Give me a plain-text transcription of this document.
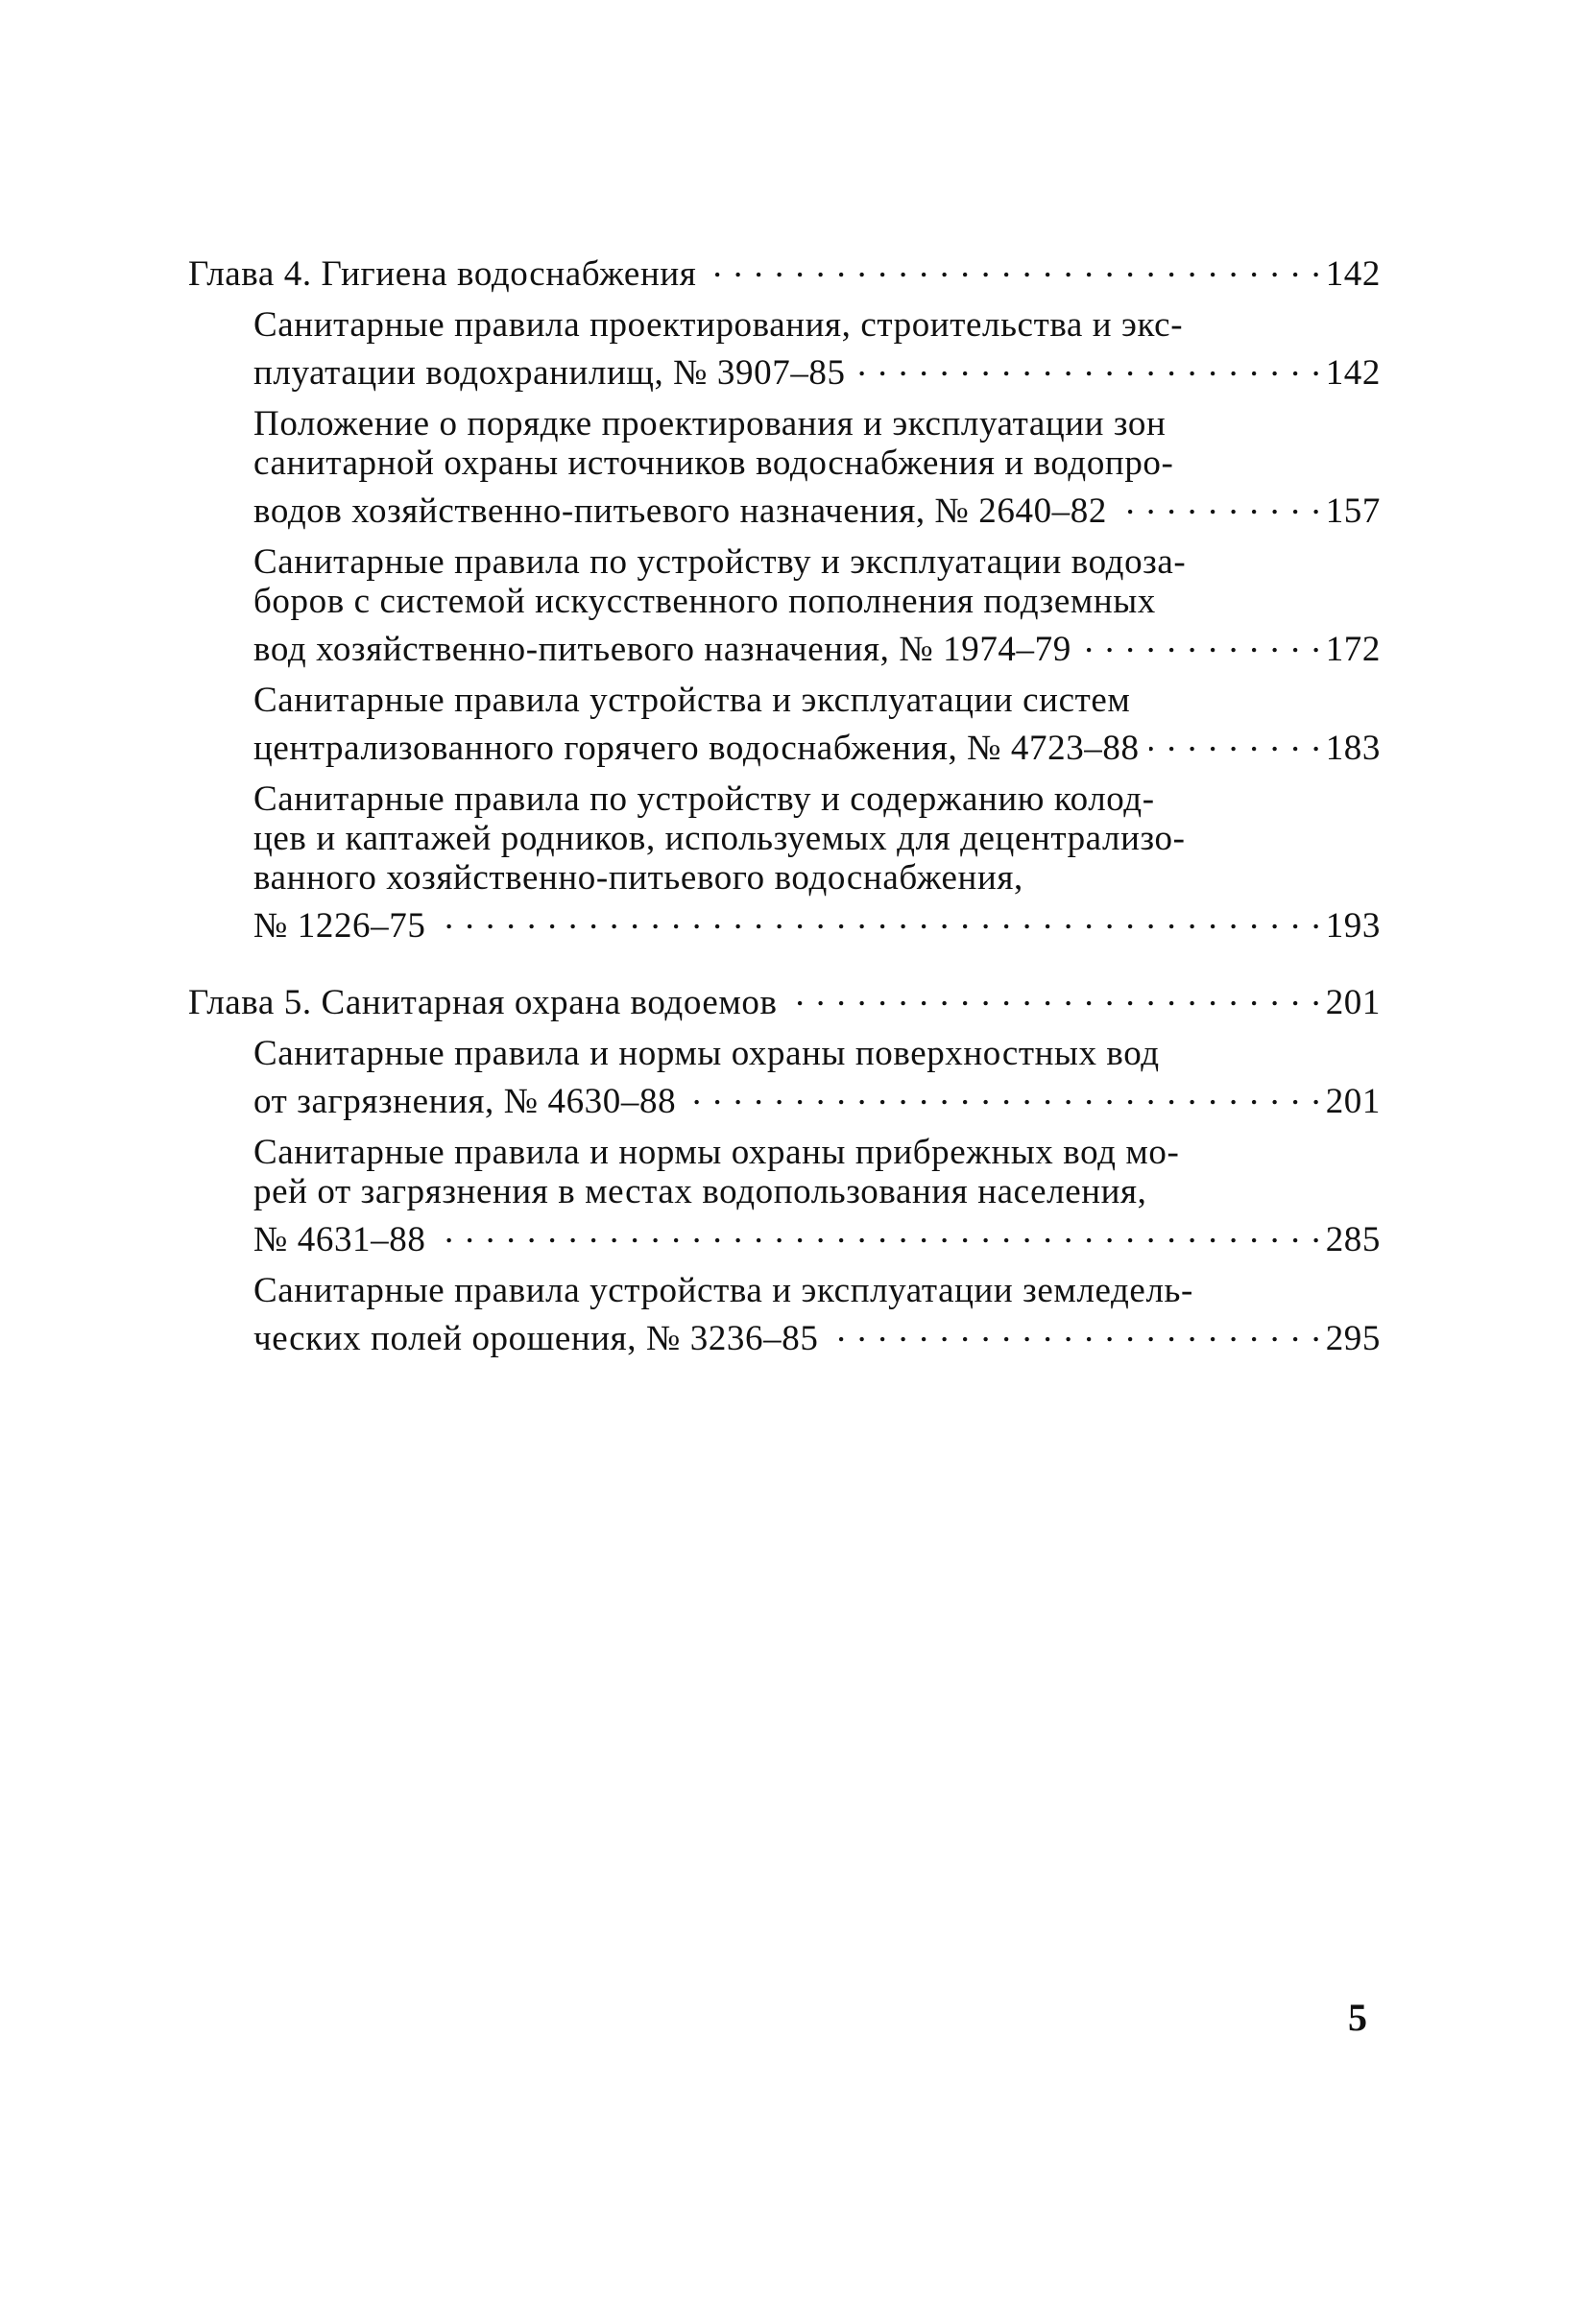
Глава 4. Гигиена водоснабжения . . .	142
Санитарные правила проектирования, строительства и экс-
плуатации водохранилищ, № 3907–85 . . .	142
Положение о порядке проектирования и эксплуатации зон
санитарной охраны источников водоснабжения и водопро-
водов хозяйственно-питьевого назначения, № 2640–82 . . .	157
Санитарные правила по устройству и эксплуатации водоза-
боров с системой искусственного пополнения подземных
вод хозяйственно-питьевого назначения, № 1974–79 . . .	172
Санитарные правила устройства и эксплуатации систем
централизованного горячего водоснабжения, № 4723–88 . . .	183
Санитарные правила по устройству и содержанию колод-
цев и каптажей родников, используемых для децентрализо-
ванного хозяйственно-питьевого водоснабжения,
№ 1226–75 . . .	193
Глава 5. Санитарная охрана водоемов . . .	201
Санитарные правила и нормы охраны поверхностных вод
от загрязнения, № 4630–88 . . .	201
Санитарные правила и нормы охраны прибрежных вод мо-
рей от загрязнения в местах водопользования населения,
№ 4631–88 . . .	285
Санитарные правила устройства и эксплуатации земледель-
ческих полей орошения, № 3236–85 . . .	295
5
